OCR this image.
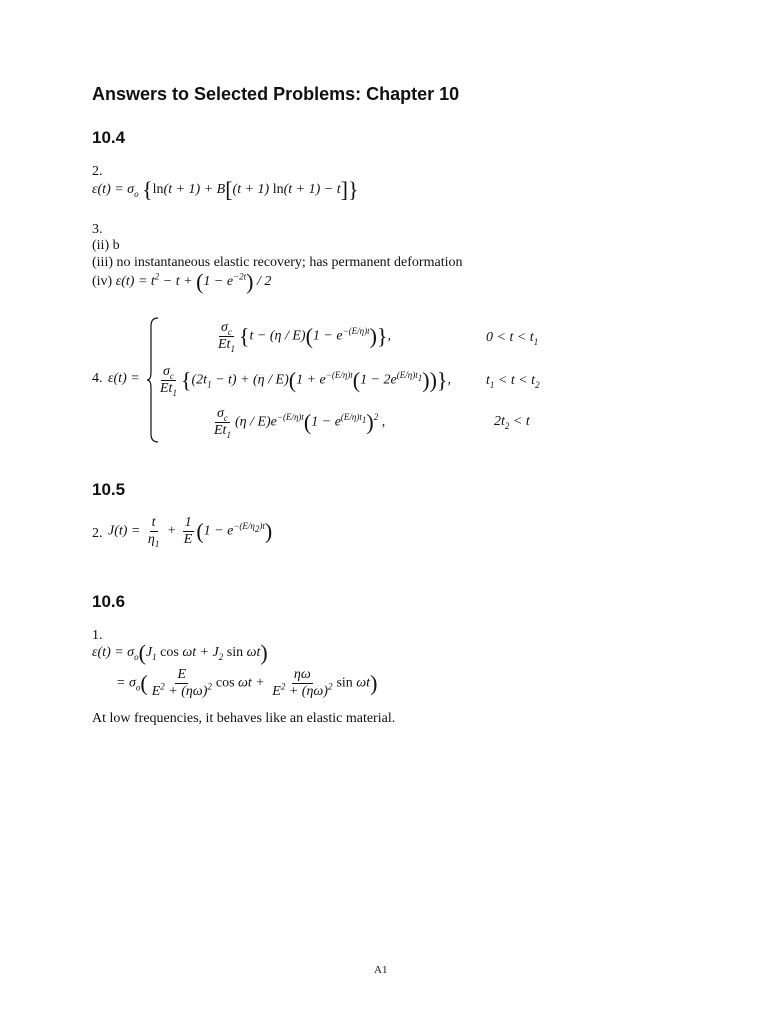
Answers to Selected Problems: Chapter 10
10.4
2.
$\varepsilon(t) = \sigma_o$ {ln(t + 1) + B[(t + 1) ln(t + 1) − t]}
3.
(ii) b
(iii) no instantaneous elastic recovery; has permanent deformation
(iv) $\varepsilon(t) = t^2 - t + (1 - e^{-2t}) / 2$
4. ε(t) =
$\frac{\sigma_c}{Et_1} \{t - (\eta / E)(1 - e^{-(E/\eta)t})\}$,	$0 < t < t_1$
$\frac{\sigma_c}{Et_1} \{(2t_1 - t) + (\eta / E)(1 + e^{-(E/\eta)t}(1 - 2e^{(E/\eta)t_1}))\}$,	$t_1 < t < t_2$
$\frac{\sigma_c}{Et_1} (\eta / E)e^{-(E/\eta)t}(1 - e^{(E/\eta)t_1})^2$ ,	$2t_2 < t$
10.5
2. $J(t) = \frac{t}{\eta_1} + \frac{1}{E} (1 - e^{-(E/\eta_2)t})$
10.6
1.
$\varepsilon(t) = \sigma_o(J_1$ $\cos \omega t + J_2$ sin ωt)
= $\sigma_o( \frac{E}{E^2 + (\eta\omega)^2}$ $\cos \omega t + \frac{\eta\omega}{E^2 + (\eta\omega)^2}$ sin ωt)
At low frequencies, it behaves like an elastic material.
A1
